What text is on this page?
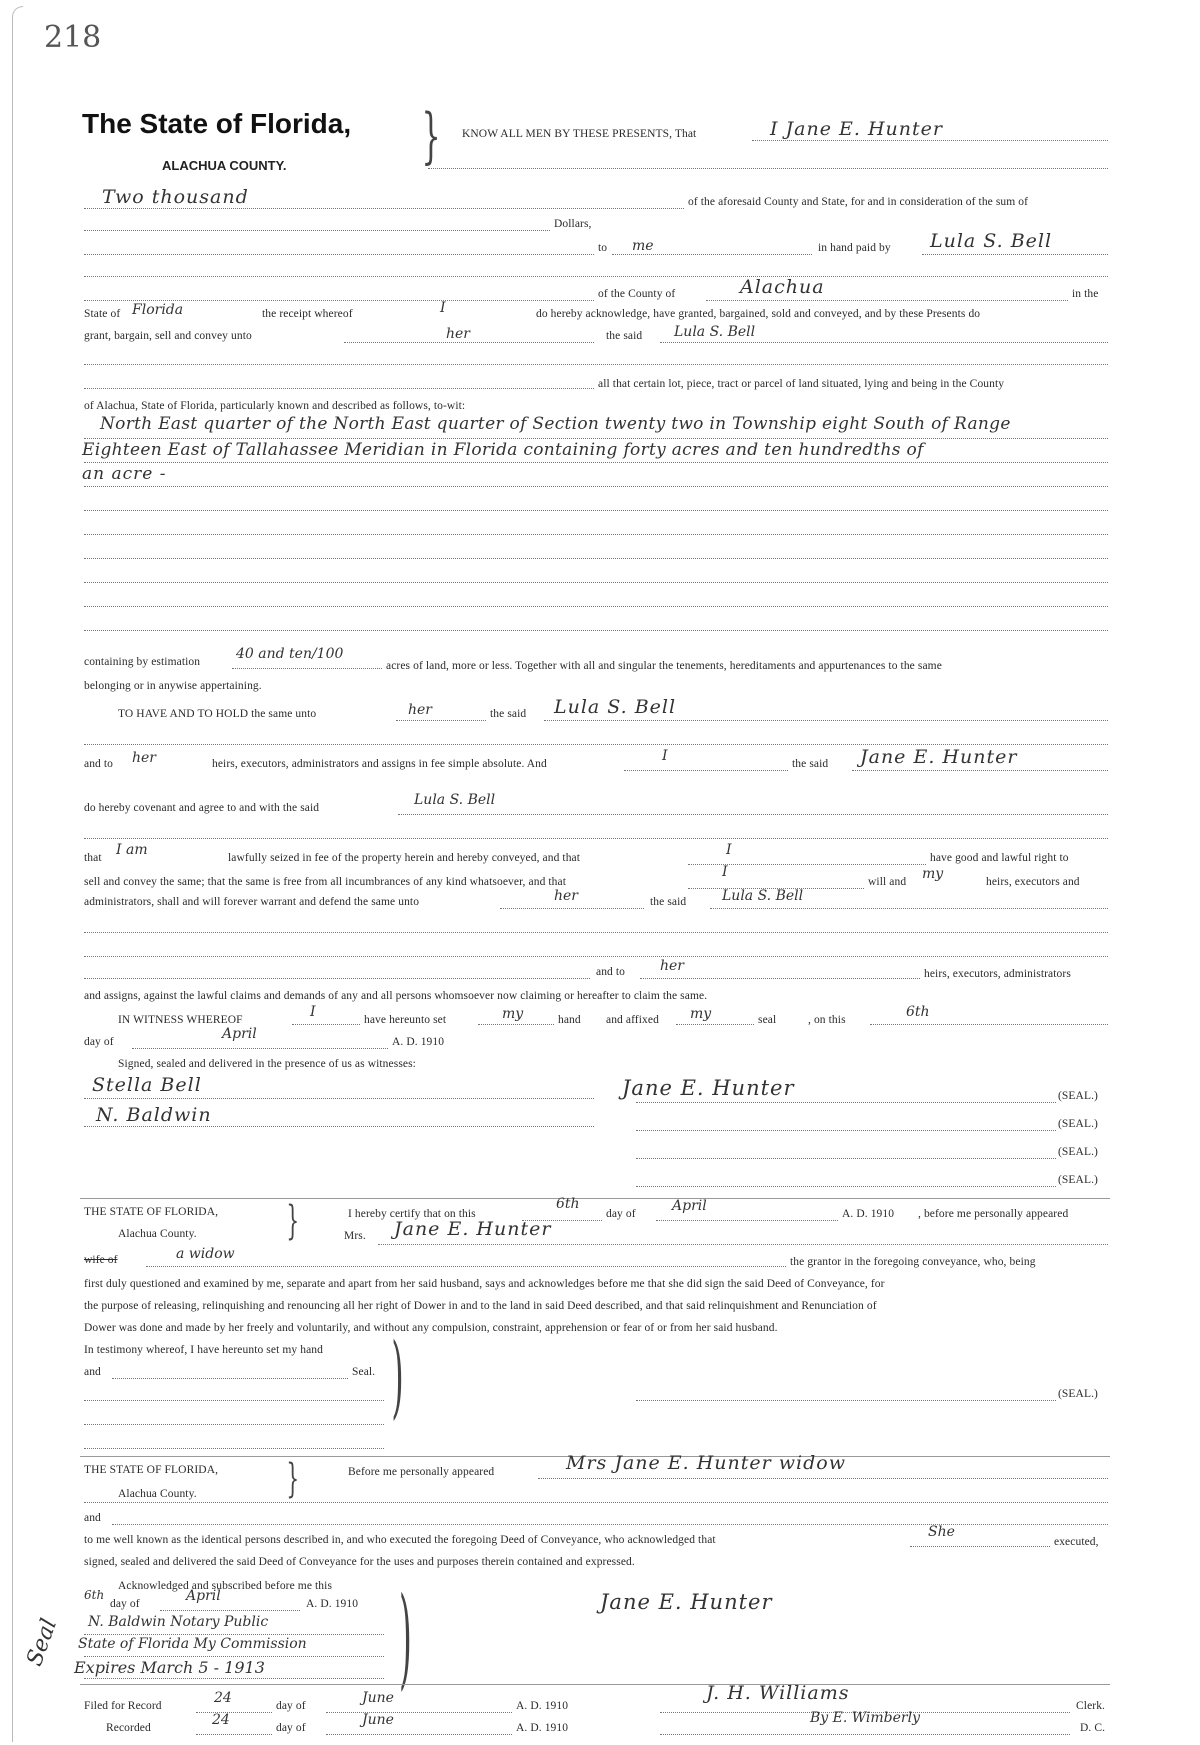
218
The State of Florida, }
ALACHUA COUNTY.
KNOW ALL MEN BY THESE PRESENTS, That	I Jane E. Hunter
Two thousand	of the aforesaid County and State, for and in consideration of the sum of
Dollars,
to me	in hand paid by Lula S. Bell
of the County of	Alachua	in the
State of Florida	the receipt whereof	I	do hereby acknowledge, have granted, bargained, sold and conveyed, and by these Presents do
grant, bargain, sell and convey unto	her	the said Lula S. Bell
all that certain lot, piece, tract or parcel of land situated, lying and being in the County
of Alachua, State of Florida, particularly known and described as follows, to-wit:
North East quarter of the North East quarter of Section twenty two in Township eight South of Range
Eighteen East of Tallahassee Meridian in Florida containing forty acres and ten hundredths of
an acre -
containing by estimation	40 and ten/100
acres of land, more or less. Together with all and singular the tenements, hereditaments and appurtenances to the same
belonging or in anywise appertaining.
TO HAVE AND TO HOLD the same unto	her	the said Lula S. Bell
and to her	heirs, executors, administrators and assigns in fee simple absolute. And	I	the said Jane E. Hunter
do hereby covenant and agree to and with the said	Lula S. Bell
that I am	lawfully seized in fee of the property herein and hereby conveyed, and that	I	have good and lawful right to
sell and convey the same; that the same is free from all incumbrances of any kind whatsoever, and that
I
will and my	heirs, executors and
administrators, shall and will forever warrant and defend the same unto	her	the said	Lula S. Bell
and to her	heirs, executors, administrators
and assigns, against the lawful claims and demands of any and all persons whomsoever now claiming or hereafter to claim the same.
IN WITNESS WHEREOF	I	have hereunto set	my	hand and affixed my	seal	, on this	6th
day of	April	A. D. 1910
Signed, sealed and delivered in the presence of us as witnesses:
Stella Bell
N. Baldwin
Jane E. Hunter	(SEAL.)
(SEAL.)
(SEAL.)
(SEAL.)
THE STATE OF FLORIDA,
Alachua County. }	I hereby certify that on this
6th
day of	April	A. D. 1910 , before me personally appeared
Mrs. Jane E. Hunter
wife of	a widow	the grantor in the foregoing conveyance, who, being
first duly questioned and examined by me, separate and apart from her said husband, says and acknowledges before me that she did sign the said Deed of Conveyance, for
the purpose of releasing, relinquishing and renouncing all her right of Dower in and to the land in said Deed described, and that said relinquishment and Renunciation of
Dower was done and made by her freely and voluntarily, and without any compulsion, constraint, apprehension or fear of or from her said husband.
In testimony whereof, I have hereunto set my hand
and	Seal. )	(SEAL.)
THE STATE OF FLORIDA,
Alachua County. }	Before me personally appeared	Mrs Jane E. Hunter widow
and
to me well known as the identical persons described in, and who executed the foregoing Deed of Conveyance, who acknowledged that	She
executed,
signed, sealed and delivered the said Deed of Conveyance for the uses and purposes therein contained and expressed.
Acknowledged and subscribed before me this
6th
day of	April	A. D. 1910
N. Baldwin Notary Public
State of Florida My Commission
Expires March 5 - 1913 )
Seal
Jane E. Hunter
Filed for Record	24	day of	June	A. D. 1910
J. H. Williams
Clerk.
Recorded	24	day of	June	A. D. 1910
By E. Wimberly
D. C.
